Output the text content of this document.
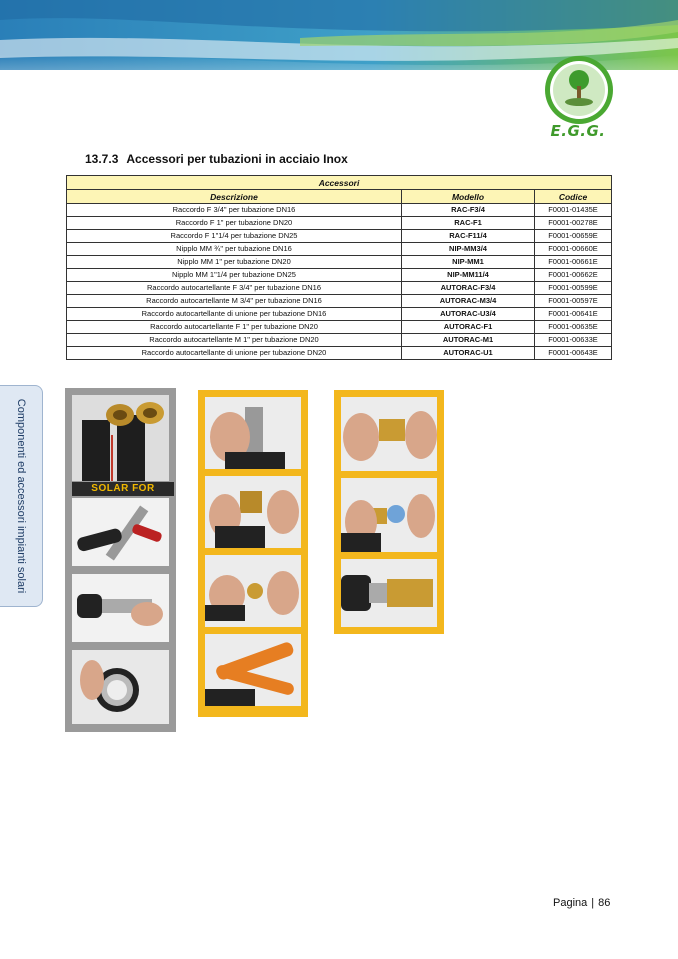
E.G.G.
13.7.3 Accessori per tubazioni in acciaio Inox
Accessori		
Descrizione	Modello	Codice
Raccordo F 3/4" per tubazione DN16	RAC-F3/4	F0001-01435E
Raccordo F 1" per tubazione DN20	RAC-F1	F0001-00278E
Raccordo F 1"1/4 per tubazione DN25	RAC-F11/4	F0001-00659E
Nipplo MM ¾" per tubazione DN16	NIP-MM3/4	F0001-00660E
Nipplo MM 1" per tubazione DN20	NIP-MM1	F0001-00661E
Nipplo MM 1"1/4 per tubazione DN25	NIP-MM11/4	F0001-00662E
Raccordo autocartellante F 3/4" per tubazione DN16	AUTORAC-F3/4	F0001-00599E
Raccordo autocartellante M 3/4" per tubazione DN16	AUTORAC-M3/4	F0001-00597E
Raccordo autocartellante di unione per tubazione DN16	AUTORAC-U3/4	F0001-00641E
Raccordo autocartellante F 1" per tubazione DN20	AUTORAC-F1	F0001-00635E
Raccordo autocartellante M 1" per tubazione DN20	AUTORAC-M1	F0001-00633E
Raccordo autocartellante di unione per tubazione DN20	AUTORAC-U1	F0001-00643E
Componenti ed accessori impianti solari	SOLAR FOR
Pagina | 86
